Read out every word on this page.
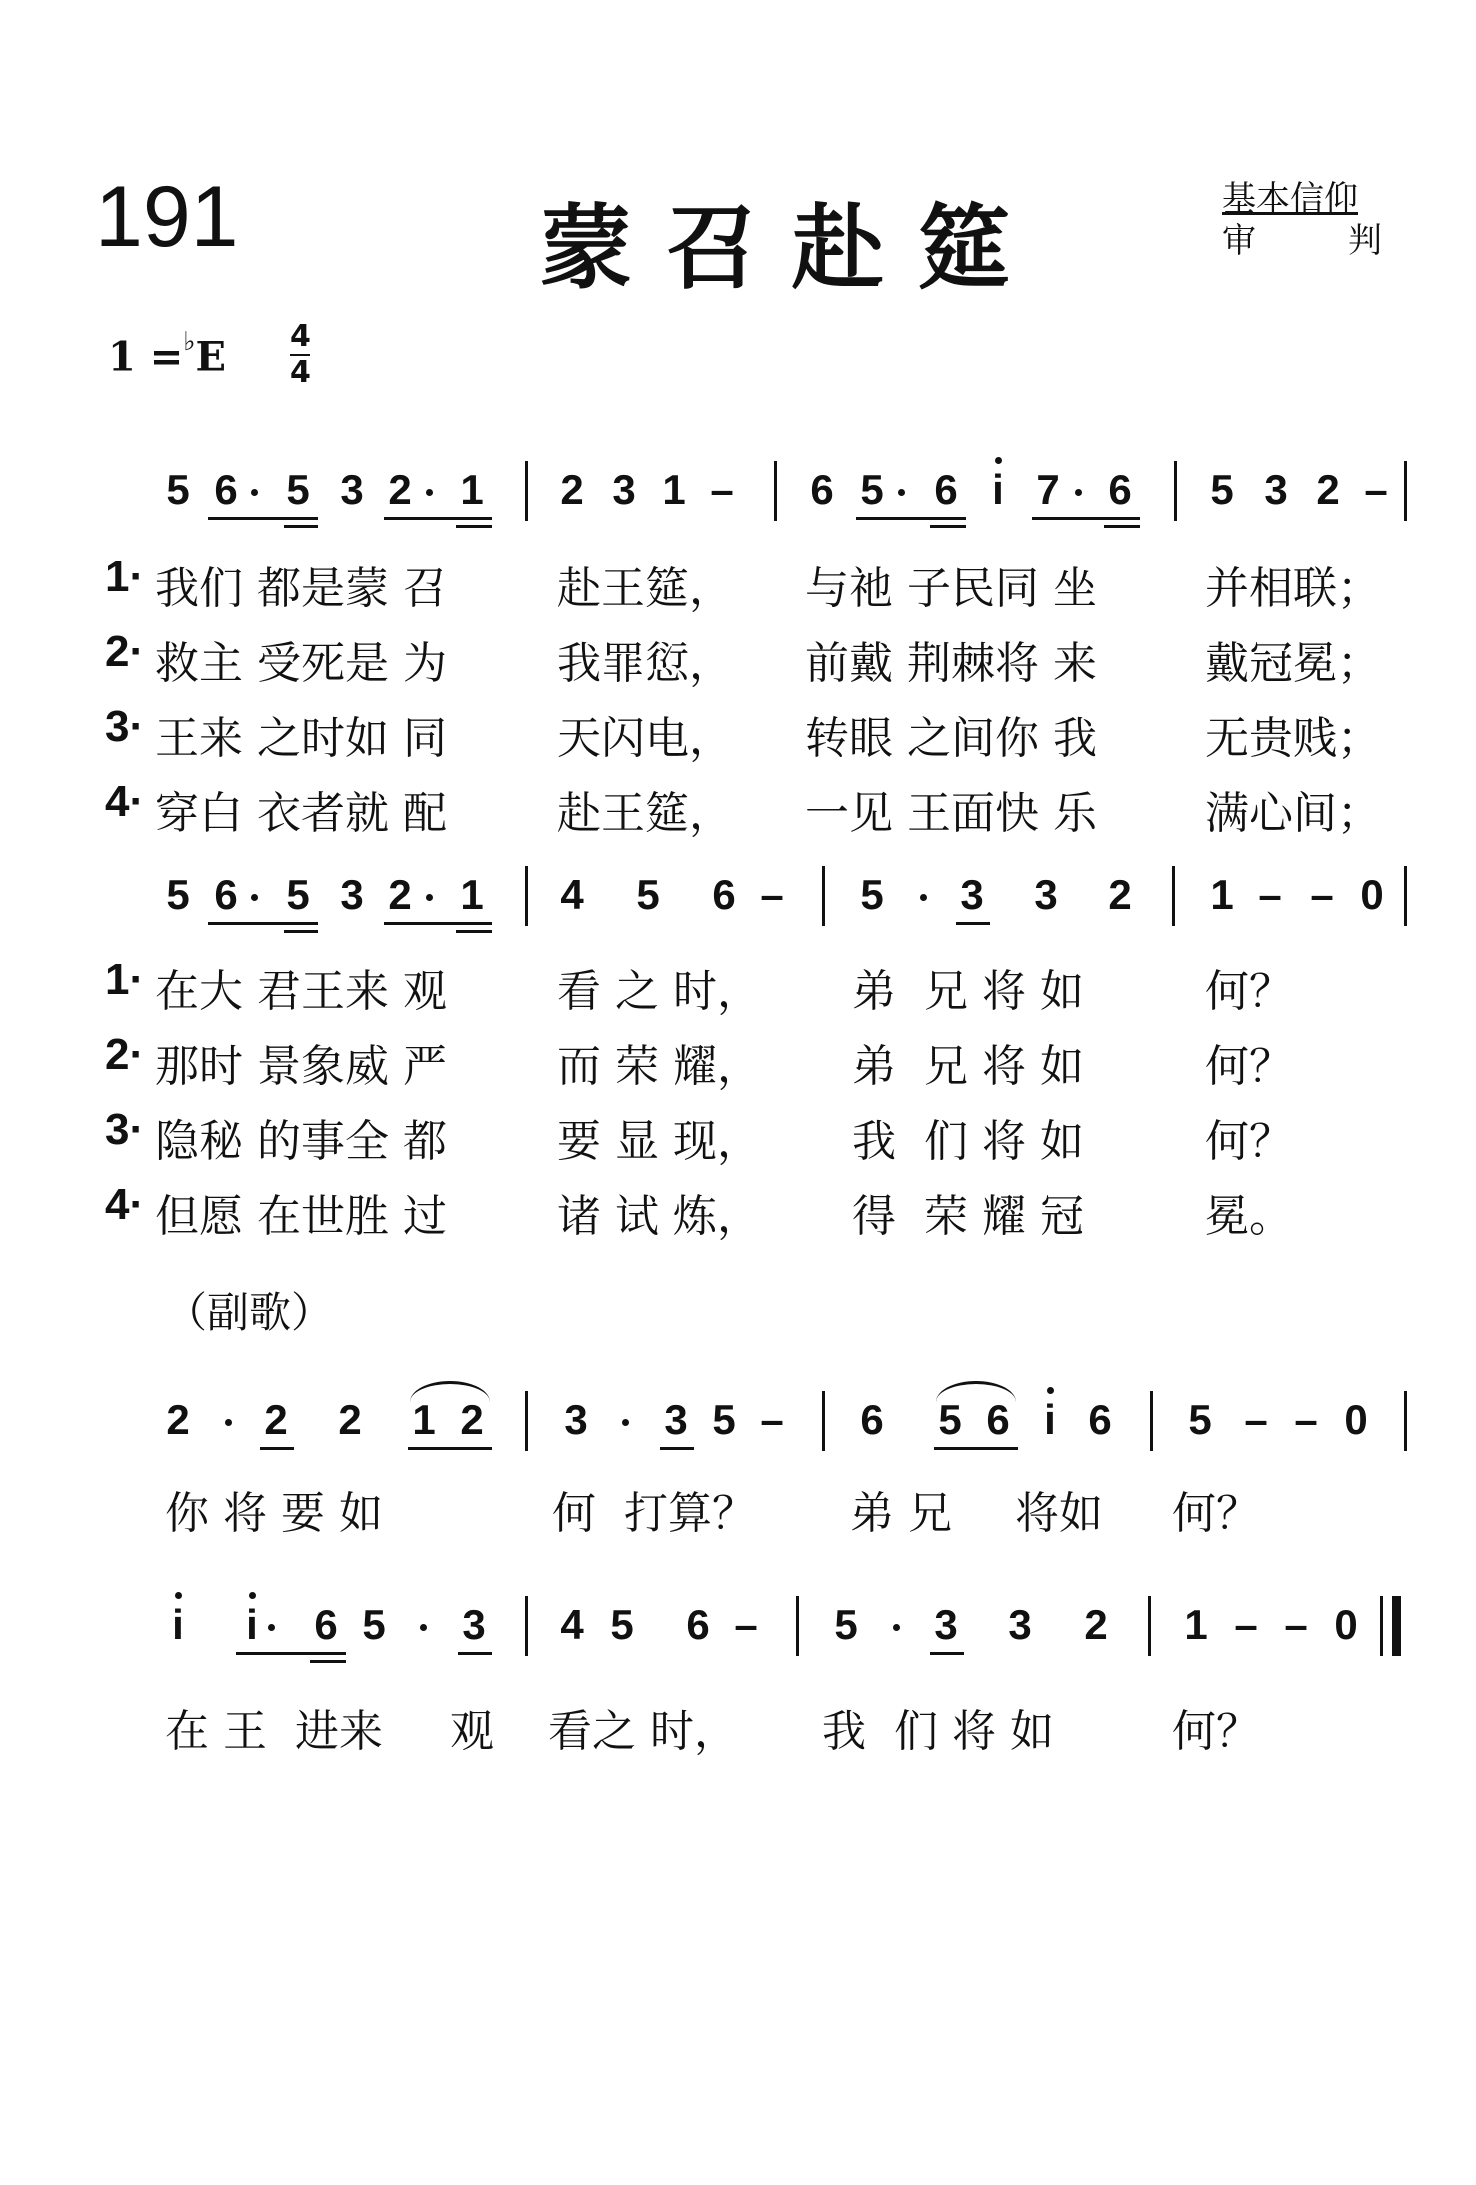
191	蒙召赴筵	基本信仰
审	判
1 =♭E 4
4
5 6 5 3 2 1 2 3 1 – 6 5 6 i 7 6 5 3 2 –
1· 我们 都是蒙 召	赴王筵， 与祂 子民同 坐 并相联；
2· 救主 受死是 为	我罪愆， 前戴 荆棘将 来 戴冠冕；
3· 王来 之时如 同	天闪电， 转眼 之间你 我 无贵贱；
4· 穿白 衣者就 配	赴王筵， 一见 王面快 乐 满心间；
5 6 5 3 2 1 4 5 6 – 5 3 3 2 1 – – 0
1· 在大 君王来 观	看 之 时， 弟  兄 将 如	何？
2· 那时 景象威 严	而 荣 耀， 弟  兄 将 如	何？
3· 隐秘 的事全 都	要 显 现， 我  们 将 如	何？
4· 但愿 在世胜 过	诸 试 炼， 得  荣 耀 冠	冕。
（副歌）
2 2 2 1 2 3 3 5 – 6 5 6 i 6 5 – – 0
你 将 要 如	何  打算？ 弟 兄 将如 何？
i i 6 5 3 4 5 6 – 5 3 3 2 1 – – 0
在 王  进来 观 看之 时， 我  们 将 如	何？
